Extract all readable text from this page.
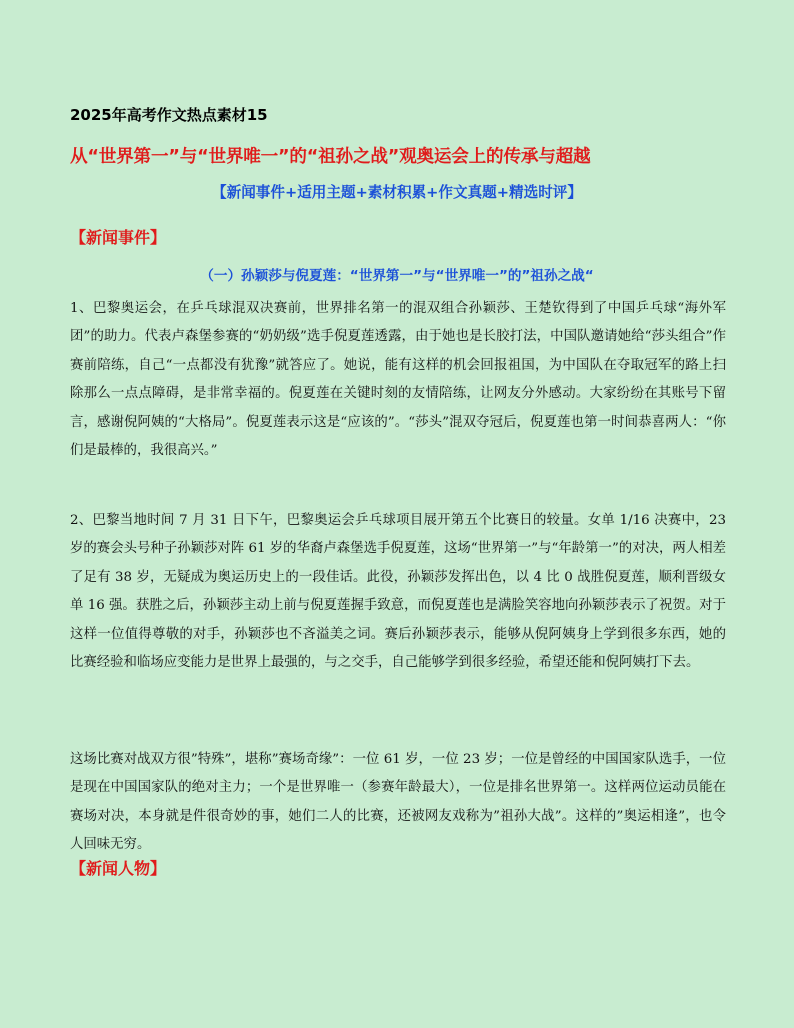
2025年高考作文热点素材15
从“世界第一”与“世界唯一”的“祖孙之战”观奥运会上的传承与超越
【新闻事件+适用主题+素材积累+作文真题+精选时评】
【新闻事件】
（一）孙颖莎与倪夏莲：“世界第一”与“世界唯一”的”祖孙之战“

1、巴黎奥运会，在乒乓球混双决赛前，世界排名第一的混双组合孙颖莎、王楚钦得到了中国乒乓球“海外军团”的助力。代表卢森堡参赛的“奶奶级”选手倪夏莲透露，由于她也是长胶打法，中国队邀请她给“莎头组合”作赛前陪练，自己“一点都没有犹豫”就答应了。她说，能有这样的机会回报祖国，为中国队在夺取冠军的路上扫除那么一点点障碍，是非常幸福的。倪夏莲在关键时刻的友情陪练，让网友分外感动。大家纷纷在其账号下留言，感谢倪阿姨的“大格局”。倪夏莲表示这是“应该的”。“莎头”混双夺冠后，倪夏莲也第一时间恭喜两人：“你们是最棒的，我很高兴。”

2、巴黎当地时间 7 月 31 日下午，巴黎奥运会乒乓球项目展开第五个比赛日的较量。女单 1/16 决赛中，23 岁的赛会头号种子孙颖莎对阵 61 岁的华裔卢森堡选手倪夏莲，这场“世界第一”与“年龄第一”的对决，两人相差了足有 38 岁，无疑成为奥运历史上的一段佳话。此役，孙颖莎发挥出色，以 4 比 0 战胜倪夏莲，顺利晋级女单 16 强。获胜之后，孙颖莎主动上前与倪夏莲握手致意，而倪夏莲也是满脸笑容地向孙颖莎表示了祝贺。对于这样一位值得尊敬的对手，孙颖莎也不吝溢美之词。赛后孙颖莎表示，能够从倪阿姨身上学到很多东西，她的比赛经验和临场应变能力是世界上最强的，与之交手，自己能够学到很多经验，希望还能和倪阿姨打下去。

这场比赛对战双方很”特殊”，堪称”赛场奇缘”：一位 61 岁，一位 23 岁；一位是曾经的中国国家队选手，一位是现在中国国家队的绝对主力；一个是世界唯一（参赛年龄最大），一位是排名世界第一。这样两位运动员能在赛场对决，本身就是件很奇妙的事，她们二人的比赛，还被网友戏称为”祖孙大战”。这样的”奥运相逢”，也令人回味无穷。

【新闻人物】
